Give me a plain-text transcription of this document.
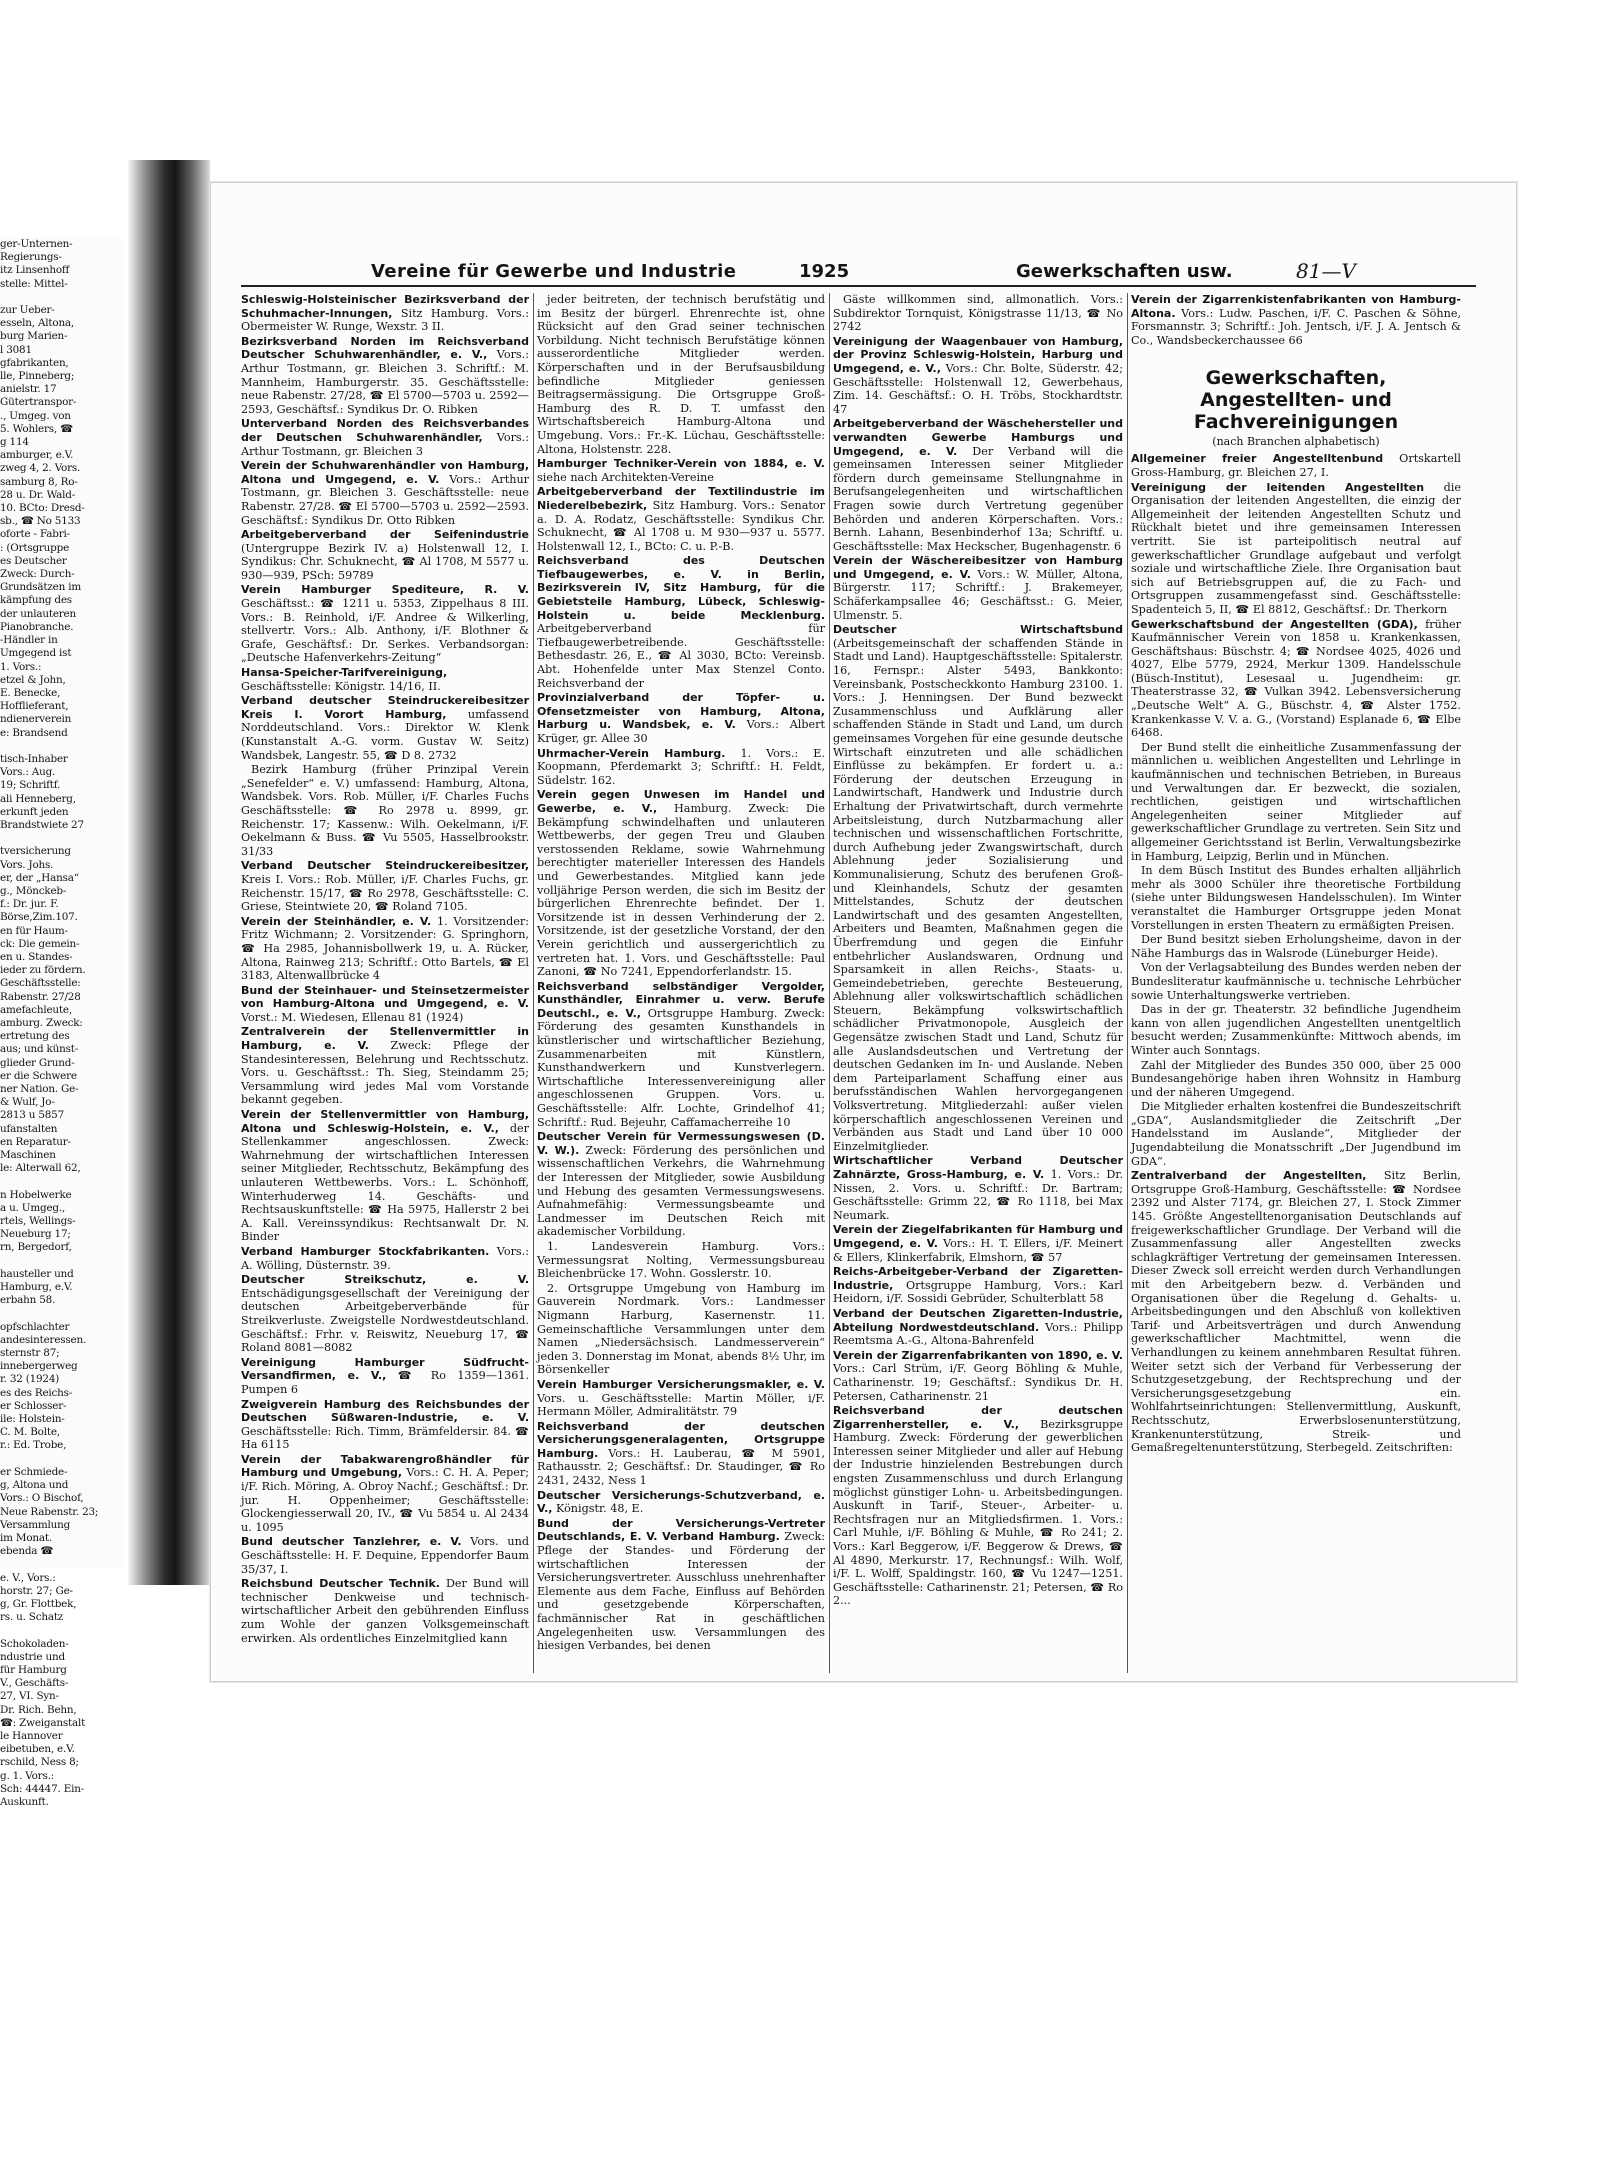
ger-Unternen-

Regierungs-

itz Linsenhoff

stelle: Mittel-

zur Ueber-

esseln, Altona,

burg Marien-

l 3081

gfabrikanten,

lle, Pinneberg;

anielstr. 17

Gütertranspor-

., Umgeg. von

5. Wohlers, ☎

g 114

amburger, e.V.

zweg 4, 2. Vors.

samburg 8, Ro-

28 u. Dr. Wald-

10. BCto: Dresd-

sb., ☎ No 5133

oforte - Fabri-

: (Ortsgruppe

es Deutscher

Zweck: Durch-

Grundsätzen im

kämpfung des

der unlauteren

Pianobranche.

-Händler in

Umgegend ist

1. Vors.:

etzel & John,

E. Benecke,

Hofflieferant,

ndienerverein

e: Brandsend

tisch-Inhaber

Vors.: Aug.

19; Schriftf.

ali Henneberg,

erkunft jeden

Brandstwiete 27

tversicherung

Vors. Johs.

er, der „Hansa“

g., Mönckeb-

f.: Dr. jur. F.

Börse,Zim.107.

en für Haum-

ck: Die gemein-

en u. Standes-

ieder zu fördern.

Geschäftsstelle:

Rabenstr. 27/28

amefachleute,

amburg. Zweck:

ertretung des

aus; und künst-

glieder Grund-

er die Schwere

ner Nation. Ge-

& Wulf, Jo-

2813 u 5857

ufanstalten

en Reparatur-

Maschinen

le: Alterwall 62,

n Hobelwerke

a u. Umgeg.,

rtels, Wellings-

Neueburg 17;

rn, Bergedorf,

hausteller und

Hamburg, e.V.

erbahn 58.

opfschlachter

andesinteressen.

sternstr 87;

innebergerweg

r. 32 (1924)

es des Reichs-

er Schlosser-

ile: Holstein-

C. M. Bolte,

r.: Ed. Trobe,

er Schmiede-

g, Altona und

Vors.: O Bischof,

Neue Rabenstr. 23;

Versammlung

im Monat.

ebenda ☎

e. V., Vors.:

horstr. 27; Ge-

g, Gr. Flottbek,

rs. u. Schatz

Schokoladen-

ndustrie und

für Hamburg

V., Geschäfts-

27, VI. Syn-

Dr. Rich. Behn,

☎: Zweiganstalt

le Hannover

eibetuben, e.V.

rschild, Ness 8;

g. 1. Vors.:

Sch: 44447. Ein-

Auskunft.

Vereine für Gewerbe und Industrie	1925	Gewerkschaften usw.	81—V

Schleswig-Holsteinischer Bezirksverband der Schuhmacher-Innungen, Sitz Hamburg. Vors.: Obermeister W. Runge, Wexstr. 3 II.

Bezirksverband Norden im Reichsverband Deutscher Schuhwarenhändler, e. V., Vors.: Arthur Tostmann, gr. Bleichen 3. Schriftf.: M. Mannheim, Hamburgerstr. 35. Geschäftsstelle: neue Rabenstr. 27/28, ☎ El 5700—5703 u. 2592—2593, Geschäftsf.: Syndikus Dr. O. Ribken

Unterverband Norden des Reichsverbandes der Deutschen Schuhwarenhändler, Vors.: Arthur Tostmann, gr. Bleichen 3

Verein der Schuhwarenhändler von Hamburg, Altona und Umgegend, e. V. Vors.: Arthur Tostmann, gr. Bleichen 3. Geschäftsstelle: neue Rabenstr. 27/28. ☎ El 5700—5703 u. 2592—2593. Geschäftsf.: Syndikus Dr. Otto Ribken

Arbeitgeberverband der Seifenindustrie (Untergruppe Bezirk IV. a) Holstenwall 12, I. Syndikus: Chr. Schuknecht, ☎ Al 1708, M 5577 u. 930—939, PSch: 59789

Verein Hamburger Spediteure, R. V. Geschäftsst.: ☎ 1211 u. 5353, Zippelhaus 8 III. Vors.: B. Reinhold, i/F. Andree & Wilkerling, stellvertr. Vors.: Alb. Anthony, i/F. Blothner & Grafe, Geschäftsf.: Dr. Serkes. Verbandsorgan: „Deutsche Hafenverkehrs-Zeitung“

Hansa-Speicher-Tarifvereinigung, Geschäftsstelle: Königstr. 14/16, II.

Verband deutscher Steindruckereibesitzer Kreis I. Vorort Hamburg, umfassend Norddeutschland. Vors.: Direktor W. Klenk (Kunstanstalt A.-G. vorm. Gustav W. Seitz) Wandsbek, Langestr. 55, ☎ D 8. 2732

Bezirk Hamburg (früher Prinzipal Verein „Senefelder“ e. V.) umfassend: Hamburg, Altona, Wandsbek. Vors. Rob. Müller, i/F. Charles Fuchs Geschäftsstelle: ☎ Ro 2978 u. 8999, gr. Reichenstr. 17; Kassenw.: Wilh. Oekelmann, i/F. Oekelmann & Buss. ☎ Vu 5505, Hasselbrookstr. 31/33

Verband Deutscher Steindruckereibesitzer, Kreis I. Vors.: Rob. Müller, i/F. Charles Fuchs, gr. Reichenstr. 15/17, ☎ Ro 2978, Geschäftsstelle: C. Griese, Steintwiete 20, ☎ Roland 7105.

Verein der Steinhändler, e. V. 1. Vorsitzender: Fritz Wichmann; 2. Vorsitzender: G. Springhorn, ☎ Ha 2985, Johannisbollwerk 19, u. A. Rücker, Altona, Rainweg 213; Schriftf.: Otto Bartels, ☎ El 3183, Altenwallbrücke 4

Bund der Steinhauer- und Steinsetzermeister von Hamburg-Altona und Umgegend, e. V. Vorst.: M. Wiedesen, Ellenau 81 (1924)

Zentralverein der Stellenvermittler in Hamburg, e. V. Zweck: Pflege der Standesinteressen, Belehrung und Rechtsschutz. Vors. u. Geschäftsst.: Th. Sieg, Steindamm 25; Versammlung wird jedes Mal vom Vorstande bekannt gegeben.

Verein der Stellenvermittler von Hamburg, Altona und Schleswig-Holstein, e. V., der Stellenkammer angeschlossen. Zweck: Wahrnehmung der wirtschaftlichen Interessen seiner Mitglieder, Rechtsschutz, Bekämpfung des unlauteren Wettbewerbs. Vors.: L. Schönhoff, Winterhuderweg 14. Geschäfts- und Rechtsauskunftstelle: ☎ Ha 5975, Hallerstr 2 bei A. Kall. Vereinssyndikus: Rechtsanwalt Dr. N. Binder

Verband Hamburger Stockfabrikanten. Vors.: A. Wölling, Düsternstr. 39.

Deutscher Streikschutz, e. V. Entschädigungsgesellschaft der Vereinigung der deutschen Arbeitgeberverbände für Streikverluste. Zweigstelle Nordwestdeutschland. Geschäftsf.: Frhr. v. Reiswitz, Neueburg 17, ☎ Roland 8081—8082

Vereinigung Hamburger Südfrucht-Versandfirmen, e. V., ☎ Ro 1359—1361. Pumpen 6

Zweigverein Hamburg des Reichsbundes der Deutschen Süßwaren-Industrie, e. V. Geschäftsstelle: Rich. Timm, Brämfeldersir. 84. ☎ Ha 6115

Verein der Tabakwarengroßhändler für Hamburg und Umgebung, Vors.: C. H. A. Peper; i/F. Rich. Möring, A. Obroy Nachf.; Geschäftsf.: Dr. jur. H. Oppenheimer; Geschäftsstelle: Glockengiesserwall 20, IV., ☎ Vu 5854 u. Al 2434 u. 1095

Bund deutscher Tanzlehrer, e. V. Vors. und Geschäftsstelle: H. F. Dequine, Eppendorfer Baum 35/37, I.

Reichsbund Deutscher Technik. Der Bund will technischer Denkweise und technisch-wirtschaftlicher Arbeit den gebührenden Einfluss zum Wohle der ganzen Volksgemeinschaft erwirken. Als ordentliches Einzelmitglied kann

jeder beitreten, der technisch berufstätig und im Besitz der bürgerl. Ehrenrechte ist, ohne Rücksicht auf den Grad seiner technischen Vorbildung. Nicht technisch Berufstätige können ausserordentliche Mitglieder werden. Körperschaften und in der Berufsausbildung befindliche Mitglieder geniessen Beitragsermässigung. Die Ortsgruppe Groß-Hamburg des R. D. T. umfasst den Wirtschaftsbereich Hamburg-Altona und Umgebung. Vors.: Fr.-K. Lüchau, Geschäftsstelle: Altona, Holstenstr. 228.

Hamburger Techniker-Verein von 1884, e. V. siehe nach Architekten-Vereine

Arbeitgeberverband der Textilindustrie im Niederelbebezirk, Sitz Hamburg. Vors.: Senator a. D. A. Rodatz, Geschäftsstelle: Syndikus Chr. Schuknecht, ☎ Al 1708 u. M 930—937 u. 5577. Holstenwall 12, I., BCto: C. u. P.-B.

Reichsverband des Deutschen Tiefbaugewerbes, e. V. in Berlin, Bezirksverein IV, Sitz Hamburg, für die Gebietsteile Hamburg, Lübeck, Schleswig-Holstein u. beide Mecklenburg. Arbeitgeberverband für Tiefbaugewerbetreibende. Geschäftsstelle: Bethesdastr. 26, E., ☎ Al 3030, BCto: Vereinsb. Abt. Hohenfelde unter Max Stenzel Conto. Reichsverband der

Provinzialverband der Töpfer- u. Ofensetzmeister von Hamburg, Altona, Harburg u. Wandsbek, e. V. Vors.: Albert Krüger, gr. Allee 30

Uhrmacher-Verein Hamburg. 1. Vors.: E. Koopmann, Pferdemarkt 3; Schriftf.: H. Feldt, Südelstr. 162.

Verein gegen Unwesen im Handel und Gewerbe, e. V., Hamburg. Zweck: Die Bekämpfung schwindelhaften und unlauteren Wettbewerbs, der gegen Treu und Glauben verstossenden Reklame, sowie Wahrnehmung berechtigter materieller Interessen des Handels und Gewerbestandes. Mitglied kann jede volljährige Person werden, die sich im Besitz der bürgerlichen Ehrenrechte befindet. Der 1. Vorsitzende ist in dessen Verhinderung der 2. Vorsitzende, ist der gesetzliche Vorstand, der den Verein gerichtlich und aussergerichtlich zu vertreten hat. 1. Vors. und Geschäftsstelle: Paul Zanoni, ☎ No 7241, Eppendorferlandstr. 15.

Reichsverband selbständiger Vergolder, Kunsthändler, Einrahmer u. verw. Berufe Deutschl., e. V., Ortsgruppe Hamburg. Zweck: Förderung des gesamten Kunsthandels in künstlerischer und wirtschaftlicher Beziehung, Zusammenarbeiten mit Künstlern, Kunsthandwerkern und Kunstverlegern. Wirtschaftliche Interessenvereinigung aller angeschlossenen Gruppen. Vors. u. Geschäftsstelle: Alfr. Lochte, Grindelhof 41; Schriftf.: Rud. Bejeuhr, Caffamacherreihe 10

Deutscher Verein für Vermessungswesen (D. V. W.). Zweck: Förderung des persönlichen und wissenschaftlichen Verkehrs, die Wahrnehmung der Interessen der Mitglieder, sowie Ausbildung und Hebung des gesamten Vermessungswesens. Aufnahmefähig: Vermessungsbeamte und Landmesser im Deutschen Reich mit akademischer Vorbildung.

1. Landesverein Hamburg. Vors.: Vermessungsrat Nolting, Vermessungsbureau Bleichenbrücke 17. Wohn. Gosslerstr. 10.

2. Ortsgruppe Umgebung von Hamburg im Gauverein Nordmark. Vors.: Landmesser Nigmann Harburg, Kasernenstr. 11. Gemeinschaftliche Versammlungen unter dem Namen „Niedersächsisch. Landmesserverein“ jeden 3. Donnerstag im Monat, abends 8½ Uhr, im Börsenkeller

Verein Hamburger Versicherungsmakler, e. V. Vors. u. Geschäftsstelle: Martin Möller, i/F. Hermann Möller, Admiralitätstr. 79

Reichsverband der deutschen Versicherungsgeneralagenten, Ortsgruppe Hamburg. Vors.: H. Lauberau, ☎ M 5901, Rathausstr. 2; Geschäftsf.: Dr. Staudinger, ☎ Ro 2431, 2432, Ness 1

Deutscher Versicherungs-Schutzverband, e. V., Königstr. 48, E.

Bund der Versicherungs-Vertreter Deutschlands, E. V. Verband Hamburg. Zweck: Pflege der Standes- und Förderung der wirtschaftlichen Interessen der Versicherungsvertreter. Ausschluss unehrenhafter Elemente aus dem Fache, Einfluss auf Behörden und gesetzgebende Körperschaften, fachmännischer Rat in geschäftlichen Angelegenheiten usw. Versammlungen des hiesigen Verbandes, bei denen

Gäste willkommen sind, allmonatlich. Vors.: Subdirektor Tornquist, Königstrasse 11/13, ☎ No 2742

Vereinigung der Waagenbauer von Hamburg, der Provinz Schleswig-Holstein, Harburg und Umgegend, e. V., Vors.: Chr. Bolte, Süderstr. 42; Geschäftsstelle: Holstenwall 12, Gewerbehaus, Zim. 14. Geschäftsf.: O. H. Tröbs, Stockhardtstr. 47

Arbeitgeberverband der Wäschehersteller und verwandten Gewerbe Hamburgs und Umgegend, e. V. Der Verband will die gemeinsamen Interessen seiner Mitglieder fördern durch gemeinsame Stellungnahme in Berufsangelegenheiten und wirtschaftlichen Fragen sowie durch Vertretung gegenüber Behörden und anderen Körperschaften. Vors.: Bernh. Lahann, Besenbinderhof 13a; Schriftf. u. Geschäftsstelle: Max Heckscher, Bugenhagenstr. 6

Verein der Wäschereibesitzer von Hamburg und Umgegend, e. V. Vors.: W. Müller, Altona, Bürgerstr. 117; Schriftf.: J. Brakemeyer, Schäferkampsallee 46; Geschäftsst.: G. Meier, Ulmenstr. 5.

Deutscher Wirtschaftsbund (Arbeitsgemeinschaft der schaffenden Stände in Stadt und Land). Hauptgeschäftsstelle: Spitalerstr. 16, Fernspr.: Alster 5493, Bankkonto: Vereinsbank, Postscheckkonto Hamburg 23100. 1. Vors.: J. Henningsen. Der Bund bezweckt Zusammenschluss und Aufklärung aller schaffenden Stände in Stadt und Land, um durch gemeinsames Vorgehen für eine gesunde deutsche Wirtschaft einzutreten und alle schädlichen Einflüsse zu bekämpfen. Er fordert u. a.: Förderung der deutschen Erzeugung in Landwirtschaft, Handwerk und Industrie durch Erhaltung der Privatwirtschaft, durch vermehrte Arbeitsleistung, durch Nutzbarmachung aller technischen und wissenschaftlichen Fortschritte, durch Aufhebung jeder Zwangswirtschaft, durch Ablehnung jeder Sozialisierung und Kommunalisierung, Schutz des berufenen Groß- und Kleinhandels, Schutz der gesamten Mittelstandes, Schutz der deutschen Landwirtschaft und des gesamten Angestellten, Arbeiters und Beamten, Maßnahmen gegen die Überfremdung und gegen die Einfuhr entbehrlicher Auslandswaren, Ordnung und Sparsamkeit in allen Reichs-, Staats- u. Gemeindebetrieben, gerechte Besteuerung, Ablehnung aller volkswirtschaftlich schädlichen Steuern, Bekämpfung volkswirtschaftlich schädlicher Privatmonopole, Ausgleich der Gegensätze zwischen Stadt und Land, Schutz für alle Auslandsdeutschen und Vertretung der deutschen Gedanken im In- und Auslande. Neben dem Parteiparlament Schaffung einer aus berufsständischen Wahlen hervorgegangenen Volksvertretung. Mitgliederzahl: außer vielen körperschaftlich angeschlossenen Vereinen und Verbänden aus Stadt und Land über 10 000 Einzelmitglieder.

Wirtschaftlicher Verband Deutscher Zahnärzte, Gross-Hamburg, e. V. 1. Vors.: Dr. Nissen, 2. Vors. u. Schriftf.: Dr. Bartram; Geschäftsstelle: Grimm 22, ☎ Ro 1118, bei Max Neumark.

Verein der Ziegelfabrikanten für Hamburg und Umgegend, e. V. Vors.: H. T. Ellers, i/F. Meinert & Ellers, Klinkerfabrik, Elmshorn, ☎ 57

Reichs-Arbeitgeber-Verband der Zigaretten-Industrie, Ortsgruppe Hamburg, Vors.: Karl Heidorn, i/F. Sossidi Gebrüder, Schulterblatt 58

Verband der Deutschen Zigaretten-Industrie, Abteilung Nordwestdeutschland. Vors.: Philipp Reemtsma A.-G., Altona-Bahrenfeld

Verein der Zigarrenfabrikanten von 1890, e. V. Vors.: Carl Strüm, i/F. Georg Böhling & Muhle, Catharinenstr. 19; Geschäftsf.: Syndikus Dr. H. Petersen, Catharinenstr. 21

Reichsverband der deutschen Zigarrenhersteller, e. V., Bezirksgruppe Hamburg. Zweck: Förderung der gewerblichen Interessen seiner Mitglieder und aller auf Hebung der Industrie hinzielenden Bestrebungen durch engsten Zusammenschluss und durch Erlangung möglichst günstiger Lohn- u. Arbeitsbedingungen. Auskunft in Tarif-, Steuer-, Arbeiter- u. Rechtsfragen nur an Mitgliedsfirmen. 1. Vors.: Carl Muhle, i/F. Böhling & Muhle, ☎ Ro 241; 2. Vors.: Karl Beggerow, i/F. Beggerow & Drews, ☎ Al 4890, Merkurstr. 17, Rechnungsf.: Wilh. Wolf, i/F. L. Wolff, Spaldingstr. 160, ☎ Vu 1247—1251. Geschäftsstelle: Catharinenstr. 21; Petersen, ☎ Ro 2...

Verein der Zigarrenkistenfabrikanten von Hamburg-Altona. Vors.: Ludw. Paschen, i/F. C. Paschen & Söhne, Forsmannstr. 3; Schriftf.: Joh. Jentsch, i/F. J. A. Jentsch & Co., Wandsbeckerchaussee 66

Gewerkschaften, Angestellten- und Fachvereinigungen
(nach Branchen alphabetisch)

Allgemeiner freier Angestelltenbund Ortskartell Gross-Hamburg, gr. Bleichen 27, I.

Vereinigung der leitenden Angestellten die Organisation der leitenden Angestellten, die einzig der Allgemeinheit der leitenden Angestellten Schutz und Rückhalt bietet und ihre gemeinsamen Interessen vertritt. Sie ist parteipolitisch neutral auf gewerkschaftlicher Grundlage aufgebaut und verfolgt soziale und wirtschaftliche Ziele. Ihre Organisation baut sich auf Betriebsgruppen auf, die zu Fach- und Ortsgruppen zusammengefasst sind. Geschäftsstelle: Spadenteich 5, II, ☎ El 8812, Geschäftsf.: Dr. Therkorn

Gewerkschaftsbund der Angestellten (GDA), früher Kaufmännischer Verein von 1858 u. Krankenkassen, Geschäftshaus: Büschstr. 4; ☎ Nordsee 4025, 4026 und 4027, Elbe 5779, 2924, Merkur 1309. Handelsschule (Büsch-Institut), Lesesaal u. Jugendheim: gr. Theaterstrasse 32, ☎ Vulkan 3942. Lebensversicherung „Deutsche Welt“ A. G., Büschstr. 4, ☎ Alster 1752. Krankenkasse V. V. a. G., (Vorstand) Esplanade 6, ☎ Elbe 6468.

Der Bund stellt die einheitliche Zusammenfassung der männlichen u. weiblichen Angestellten und Lehrlinge in kaufmännischen und technischen Betrieben, in Bureaus und Verwaltungen dar. Er bezweckt, die sozialen, rechtlichen, geistigen und wirtschaftlichen Angelegenheiten seiner Mitglieder auf gewerkschaftlicher Grundlage zu vertreten. Sein Sitz und allgemeiner Gerichtsstand ist Berlin, Verwaltungsbezirke in Hamburg, Leipzig, Berlin und in München.

In dem Büsch Institut des Bundes erhalten alljährlich mehr als 3000 Schüler ihre theoretische Fortbildung (siehe unter Bildungswesen Handelsschulen). Im Winter veranstaltet die Hamburger Ortsgruppe jeden Monat Vorstellungen in ersten Theatern zu ermäßigten Preisen.

Der Bund besitzt sieben Erholungsheime, davon in der Nähe Hamburgs das in Walsrode (Lüneburger Heide).

Von der Verlagsabteilung des Bundes werden neben der Bundesliteratur kaufmännische u. technische Lehrbücher sowie Unterhaltungswerke vertrieben.

Das in der gr. Theaterstr. 32 befindliche Jugendheim kann von allen jugendlichen Angestellten unentgeltlich besucht werden; Zusammenkünfte: Mittwoch abends, im Winter auch Sonntags.

Zahl der Mitglieder des Bundes 350 000, über 25 000 Bundesangehörige haben ihren Wohnsitz in Hamburg und der näheren Umgegend.

Die Mitglieder erhalten kostenfrei die Bundeszeitschrift „GDA“, Auslandsmitglieder die Zeitschrift „Der Handelsstand im Auslande“, Mitglieder der Jugendabteilung die Monatsschrift „Der Jugendbund im GDA“.

Zentralverband der Angestellten, Sitz Berlin, Ortsgruppe Groß-Hamburg, Geschäftsstelle: ☎ Nordsee 2392 und Alster 7174, gr. Bleichen 27, I. Stock Zimmer 145. Größte Angestelltenorganisation Deutschlands auf freigewerkschaftlicher Grundlage. Der Verband will die Zusammenfassung aller Angestellten zwecks schlagkräftiger Vertretung der gemeinsamen Interessen. Dieser Zweck soll erreicht werden durch Verhandlungen mit den Arbeitgebern bezw. d. Verbänden und Organisationen über die Regelung d. Gehalts- u. Arbeitsbedingungen und den Abschluß von kollektiven Tarif- und Arbeitsverträgen und durch Anwendung gewerkschaftlicher Machtmittel, wenn die Verhandlungen zu keinem annehmbaren Resultat führen. Weiter setzt sich der Verband für Verbesserung der Schutzgesetzgebung, der Rechtsprechung und der Versicherungsgesetzgebung ein. Wohlfahrtseinrichtungen: Stellenvermittlung, Auskunft, Rechtsschutz, Erwerbslosenunterstützung, Krankenunterstützung, Streik- und Gemaßregeltenunterstützung, Sterbegeld. Zeitschriften:
